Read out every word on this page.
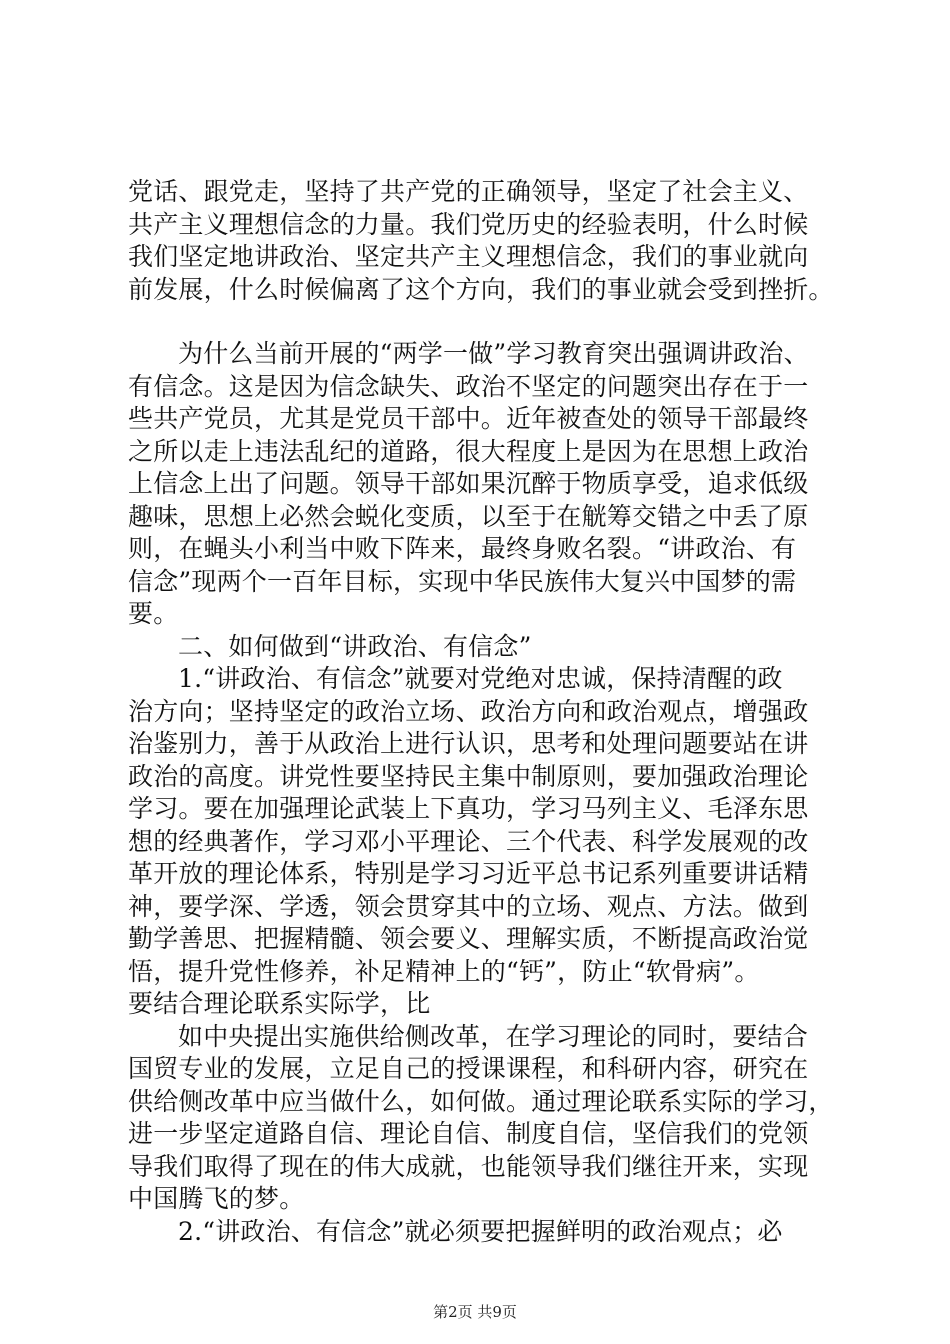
党话、跟党走，坚持了共产党的正确领导，坚定了社会主义、
共产主义理想信念的力量。我们党历史的经验表明，什么时候
我们坚定地讲政治、坚定共产主义理想信念，我们的事业就向
前发展，什么时候偏离了这个方向，我们的事业就会受到挫折。
为什么当前开展的“两学一做”学习教育突出强调讲政治、
有信念。这是因为信念缺失、政治不坚定的问题突出存在于一
些共产党员，尤其是党员干部中。近年被查处的领导干部最终
之所以走上违法乱纪的道路，很大程度上是因为在思想上政治
上信念上出了问题。领导干部如果沉醉于物质享受，追求低级
趣味，思想上必然会蜕化变质，以至于在觥筹交错之中丢了原
则，在蝇头小利当中败下阵来，最终身败名裂。“讲政治、有
信念”现两个一百年目标，实现中华民族伟大复兴中国梦的需
要。
二、如何做到“讲政治、有信念”
1.“讲政治、有信念”就要对党绝对忠诚，保持清醒的政
治方向；坚持坚定的政治立场、政治方向和政治观点，增强政
治鉴别力，善于从政治上进行认识，思考和处理问题要站在讲
政治的高度。讲党性要坚持民主集中制原则，要加强政治理论
学习。要在加强理论武装上下真功，学习马列主义、毛泽东思
想的经典著作，学习邓小平理论、三个代表、科学发展观的改
革开放的理论体系，特别是学习习近平总书记系列重要讲话精
神，要学深、学透，领会贯穿其中的立场、观点、方法。做到
勤学善思、把握精髓、领会要义、理解实质，不断提高政治觉
悟，提升党性修养，补足精神上的“钙”，防止“软骨病”。
要结合理论联系实际学，比
如中央提出实施供给侧改革，在学习理论的同时，要结合
国贸专业的发展，立足自己的授课课程，和科研内容，研究在
供给侧改革中应当做什么，如何做。通过理论联系实际的学习，
进一步坚定道路自信、理论自信、制度自信，坚信我们的党领
导我们取得了现在的伟大成就，也能领导我们继往开来，实现
中国腾飞的梦。
2.“讲政治、有信念”就必须要把握鲜明的政治观点；必
第2页 共9页
